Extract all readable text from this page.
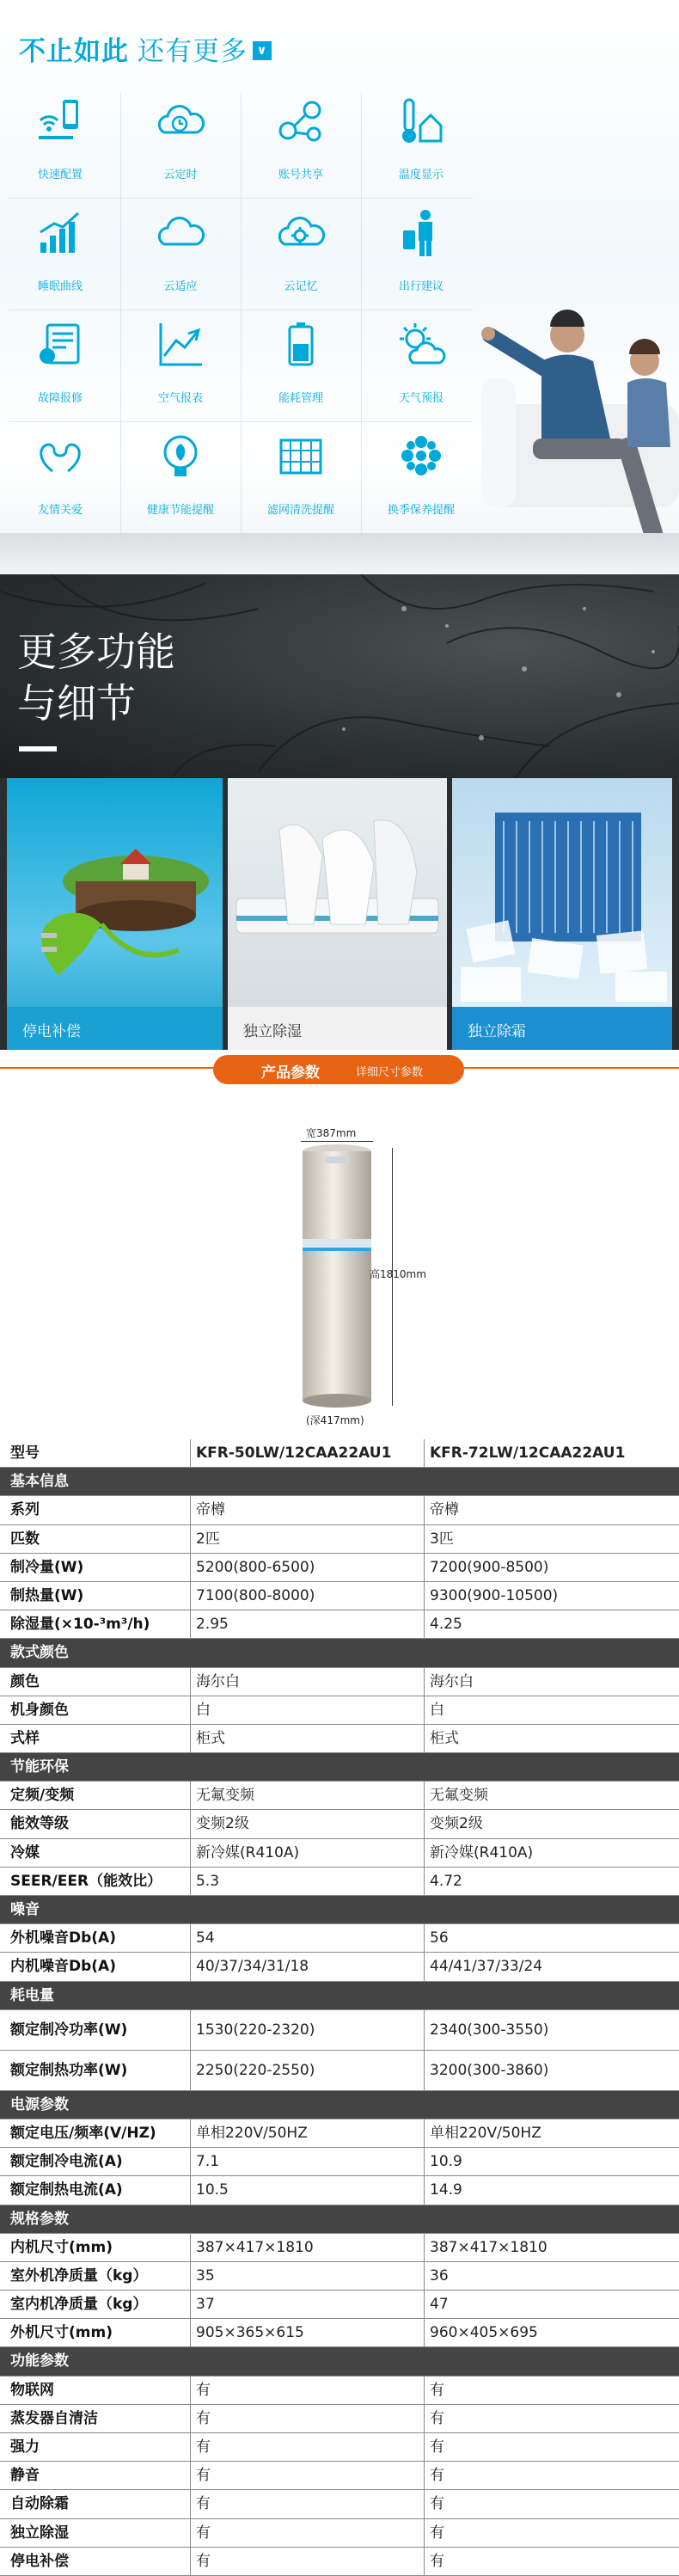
不止如此 还有更多 ∨
快速配置	云定时	账号共享	温度显示
睡眠曲线	云适应	云记忆	出行建议
故障报修	空气报表	能耗管理	天气预报
友情关爱	健康节能提醒	滤网清洗提醒	换季保养提醒
更多功能
与细节
停电补偿	独立除湿	独立除霜
产品参数	详细尺寸参数
宽387mm
高1810mm
(深417mm)
型号	KFR-50LW/12CAA22AU1	KFR-72LW/12CAA22AU1
基本信息
系列	帝樽	帝樽
匹数	2匹	3匹
制冷量(W)	5200(800-6500)	7200(900-8500)
制热量(W)	7100(800-8000)	9300(900-10500)
除湿量(×10-³m³/h)	2.95	4.25
款式颜色
颜色	海尔白	海尔白
机身颜色	白	白
式样	柜式	柜式
节能环保
定频/变频	无氟变频	无氟变频
能效等级	变频2级	变频2级
冷媒	新冷媒(R410A)	新冷媒(R410A)
SEER/EER（能效比）	5.3	4.72
噪音
外机噪音Db(A)	54	56
内机噪音Db(A)	40/37/34/31/18	44/41/37/33/24
耗电量
额定制冷功率(W)	1530(220-2320)	2340(300-3550)
额定制热功率(W)	2250(220-2550)	3200(300-3860)
电源参数
额定电压/频率(V/HZ)	单相220V/50HZ	单相220V/50HZ
额定制冷电流(A)	7.1	10.9
额定制热电流(A)	10.5	14.9
规格参数
内机尺寸(mm)	387×417×1810	387×417×1810
室外机净质量（kg）	35	36
室内机净质量（kg）	37	47
外机尺寸(mm)	905×365×615	960×405×695
功能参数
物联网	有	有
蒸发器自清洁	有	有
强力	有	有
静音	有	有
自动除霜	有	有
独立除湿	有	有
停电补偿	有	有
